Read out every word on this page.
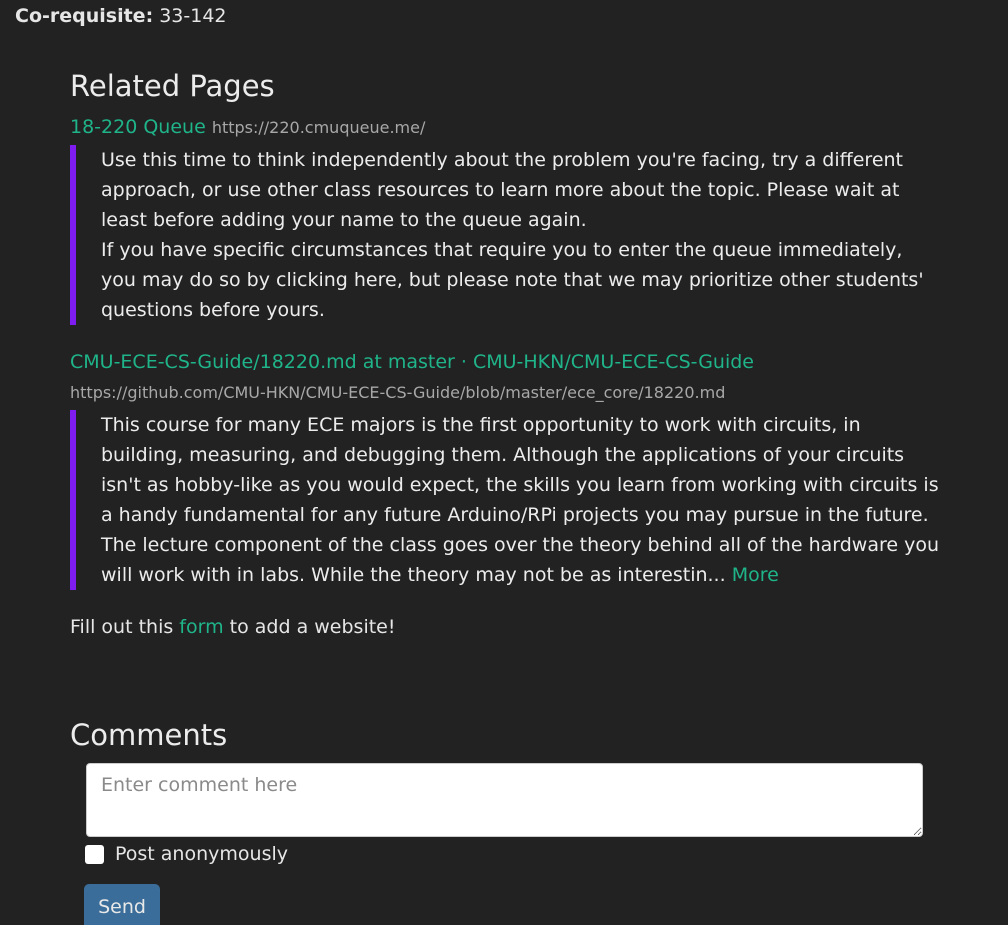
Co-requisite: 33-142
Related Pages
18-220 Queue https://220.cmuqueue.me/

Use this time to think independently about the problem you're facing, try a different approach, or use other class resources to learn more about the topic. Please wait at least before adding your name to the queue again.

If you have specific circumstances that require you to enter the queue immediately, you may do so by clicking here, but please note that we may prioritize other students' questions before yours.

CMU-ECE-CS-Guide/18220.md at master · CMU-HKN/CMU-ECE-CS-Guide https://github.com/CMU-HKN/CMU-ECE-CS-Guide/blob/master/ece_core/18220.md

This course for many ECE majors is the first opportunity to work with circuits, in building, measuring, and debugging them. Although the applications of your circuits isn't as hobby-like as you would expect, the skills you learn from working with circuits is a handy fundamental for any future Arduino/RPi projects you may pursue in the future.

The lecture component of the class goes over the theory behind all of the hardware you will work with in labs. While the theory may not be as interestin... More

Fill out this form to add a website!
Comments
Enter comment here
Post anonymously
Send
